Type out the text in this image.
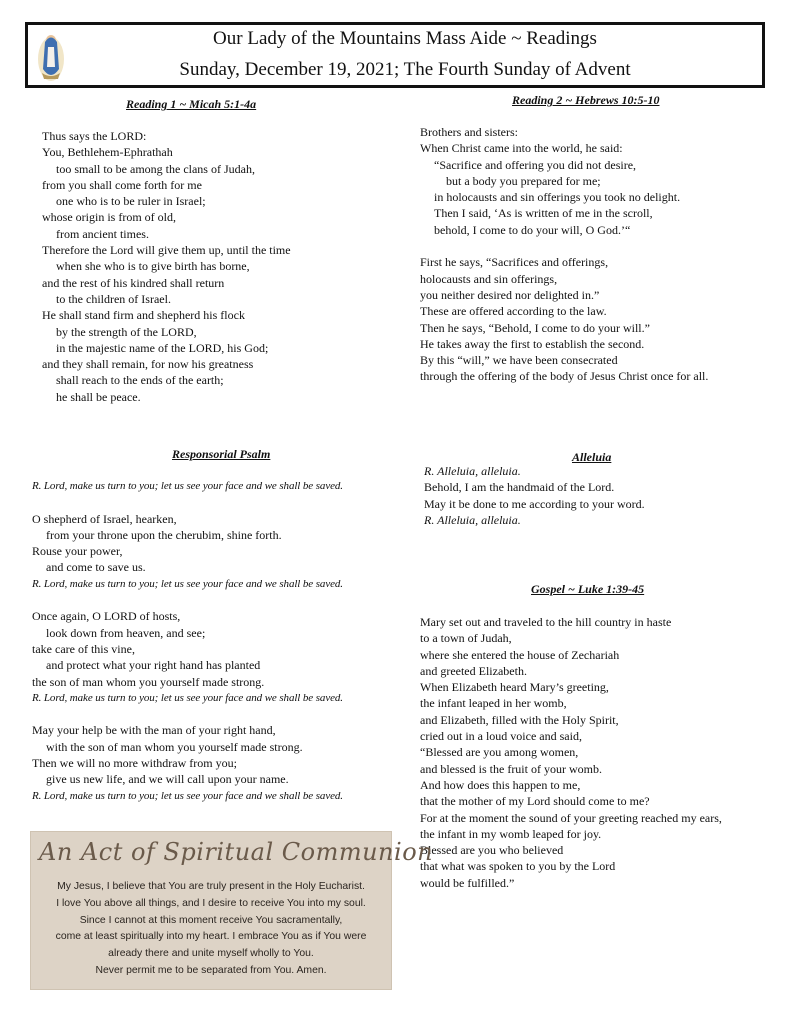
Our Lady of the Mountains Mass Aide ~ Readings
Sunday, December 19, 2021; The Fourth Sunday of Advent
Reading 1 ~ Micah 5:1-4a
Thus says the LORD:
You, Bethlehem-Ephrathah
too small to be among the clans of Judah,
from you shall come forth for me
one who is to be ruler in Israel;
whose origin is from of old,
from ancient times.
Therefore the Lord will give them up, until the time
when she who is to give birth has borne,
and the rest of his kindred shall return
to the children of Israel.
He shall stand firm and shepherd his flock
by the strength of the LORD,
in the majestic name of the LORD, his God;
and they shall remain, for now his greatness
shall reach to the ends of the earth;
he shall be peace.
Reading 2 ~ Hebrews 10:5-10
Brothers and sisters:
When Christ came into the world, he said:
“Sacrifice and offering you did not desire,
but a body you prepared for me;
in holocausts and sin offerings you took no delight.
Then I said, ‘As is written of me in the scroll,
behold, I come to do your will, O God.’“
First he says, “Sacrifices and offerings,
holocausts and sin offerings,
you neither desired nor delighted in.”
These are offered according to the law.
Then he says, “Behold, I come to do your will.”
He takes away the first to establish the second.
By this “will,” we have been consecrated
through the offering of the body of Jesus Christ once for all.
Responsorial Psalm
R. Lord, make us turn to you; let us see your face and we shall be saved.
O shepherd of Israel, hearken,
from your throne upon the cherubim, shine forth.
Rouse your power,
and come to save us.
R. Lord, make us turn to you; let us see your face and we shall be saved.
Once again, O LORD of hosts,
look down from heaven, and see;
take care of this vine,
and protect what your right hand has planted
the son of man whom you yourself made strong.
R. Lord, make us turn to you; let us see your face and we shall be saved.
May your help be with the man of your right hand,
with the son of man whom you yourself made strong.
Then we will no more withdraw from you;
give us new life, and we will call upon your name.
R. Lord, make us turn to you; let us see your face and we shall be saved.
Alleluia
R. Alleluia, alleluia.
Behold, I am the handmaid of the Lord.
May it be done to me according to your word.
R. Alleluia, alleluia.
Gospel ~ Luke 1:39-45
Mary set out and traveled to the hill country in haste
to a town of Judah,
where she entered the house of Zechariah
and greeted Elizabeth.
When Elizabeth heard Mary’s greeting,
the infant leaped in her womb,
and Elizabeth, filled with the Holy Spirit,
cried out in a loud voice and said,
“Blessed are you among women,
and blessed is the fruit of your womb.
And how does this happen to me,
that the mother of my Lord should come to me?
For at the moment the sound of your greeting reached my ears,
the infant in my womb leaped for joy.
Blessed are you who believed
that what was spoken to you by the Lord
would be fulfilled.”
An Act of Spiritual Communion
My Jesus, I believe that You are truly present in the Holy Eucharist.
I love You above all things, and I desire to receive You into my soul.
Since I cannot at this moment receive You sacramentally,
come at least spiritually into my heart. I embrace You as if You were
already there and unite myself wholly to You.
Never permit me to be separated from You. Amen.
